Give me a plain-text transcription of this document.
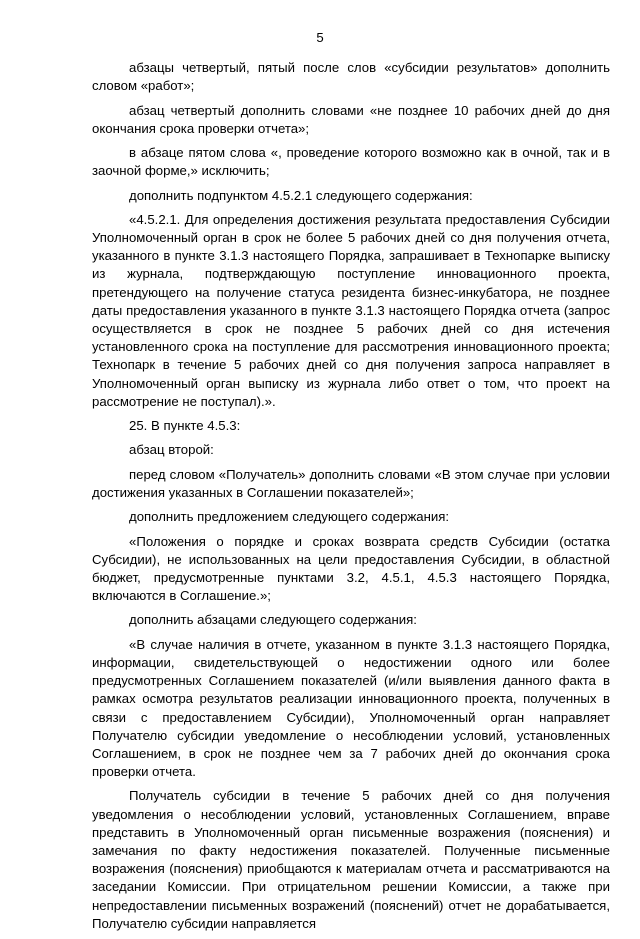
5

абзацы четвертый, пятый после слов «субсидии результатов» дополнить словом «работ»;

абзац четвертый дополнить словами «не позднее 10 рабочих дней до дня окончания срока проверки отчета»;

в абзаце пятом слова «, проведение которого возможно как в очной, так и в заочной форме,» исключить;

дополнить подпунктом 4.5.2.1 следующего содержания:

«4.5.2.1. Для определения достижения результата предоставления Субсидии Уполномоченный орган в срок не более 5 рабочих дней со дня получения отчета, указанного в пункте 3.1.3 настоящего Порядка, запрашивает в Технопарке выписку из журнала, подтверждающую поступление инновационного проекта, претендующего на получение статуса резидента бизнес-инкубатора, не позднее даты предоставления указанного в пункте 3.1.3 настоящего Порядка отчета (запрос осуществляется в срок не позднее 5 рабочих дней со дня истечения установленного срока на поступление для рассмотрения инновационного проекта; Технопарк в течение 5 рабочих дней со дня получения запроса направляет в Уполномоченный орган выписку из журнала либо ответ о том, что проект на рассмотрение не поступал).».

25. В пункте 4.5.3:

абзац второй:

перед словом «Получатель» дополнить словами «В этом случае при условии достижения указанных в Соглашении показателей»;

дополнить предложением следующего содержания:

«Положения о порядке и сроках возврата средств Субсидии (остатка Субсидии), не использованных на цели предоставления Субсидии, в областной бюджет, предусмотренные пунктами 3.2, 4.5.1, 4.5.3 настоящего Порядка, включаются в Соглашение.»;

дополнить абзацами следующего содержания:

«В случае наличия в отчете, указанном в пункте 3.1.3 настоящего Порядка, информации, свидетельствующей о недостижении одного или более предусмотренных Соглашением показателей (и/или выявления данного факта в рамках осмотра результатов реализации инновационного проекта, полученных в связи с предоставлением Субсидии), Уполномоченный орган направляет Получателю субсидии уведомление о несоблюдении условий, установленных Соглашением, в срок не позднее чем за 7 рабочих дней до окончания срока проверки отчета.

Получатель субсидии в течение 5 рабочих дней со дня получения уведомления о несоблюдении условий, установленных Соглашением, вправе представить в Уполномоченный орган письменные возражения (пояснения) и замечания по факту недостижения показателей. Полученные письменные возражения (пояснения) приобщаются к материалам отчета и рассматриваются на заседании Комиссии. При отрицательном решении Комиссии, а также при непредоставлении письменных возражений (пояснений) отчет не дорабатывается, Получателю субсидии направляется
